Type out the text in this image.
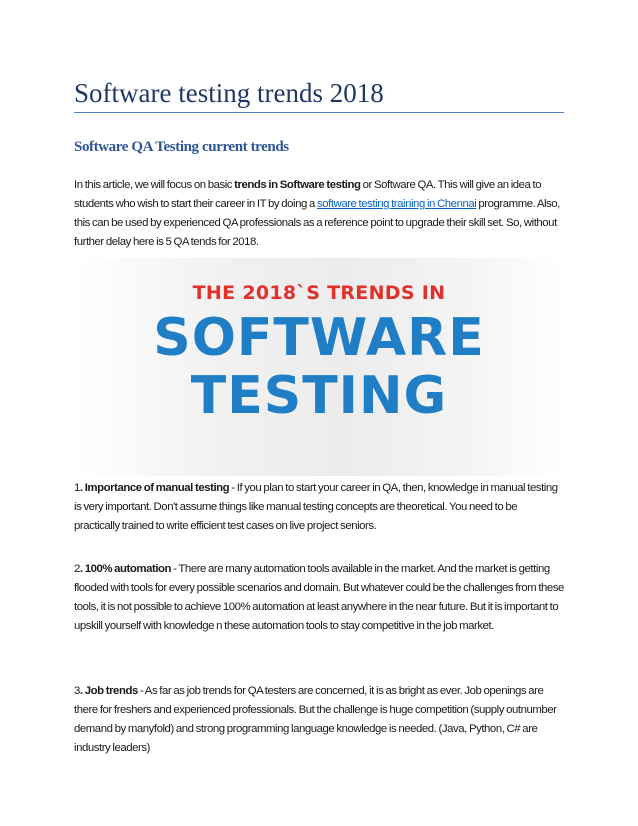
Software testing trends 2018
Software QA Testing current trends

In this article, we will focus on basic trends in Software testing or Software QA. This will give an idea to students who wish to start their career in IT by doing a software testing training in Chennai programme. Also, this can be used by experienced QA professionals as a reference point to upgrade their skill set. So, without further delay here is 5 QA tends for 2018.

THE 2018`S TRENDS IN
SOFTWARE
TESTING

1. Importance of manual testing - If you plan to start your career in QA, then, knowledge in manual testing is very important. Don't assume things like manual testing concepts are theoretical. You need to be practically trained to write efficient test cases on live project seniors.

2. 100% automation - There are many automation tools available in the market. And the market is getting flooded with tools for every possible scenarios and domain. But whatever could be the challenges from these tools, it is not possible to achieve 100% automation at least anywhere in the near future. But it is important to upskill yourself with knowledge n these automation tools to stay competitive in the job market.

3. Job trends - As far as job trends for QA testers are concerned, it is as bright as ever. Job openings are there for freshers and experienced professionals. But the challenge is huge competition (supply outnumber demand by manyfold) and strong programming language knowledge is needed. (Java, Python, C# are industry leaders)
